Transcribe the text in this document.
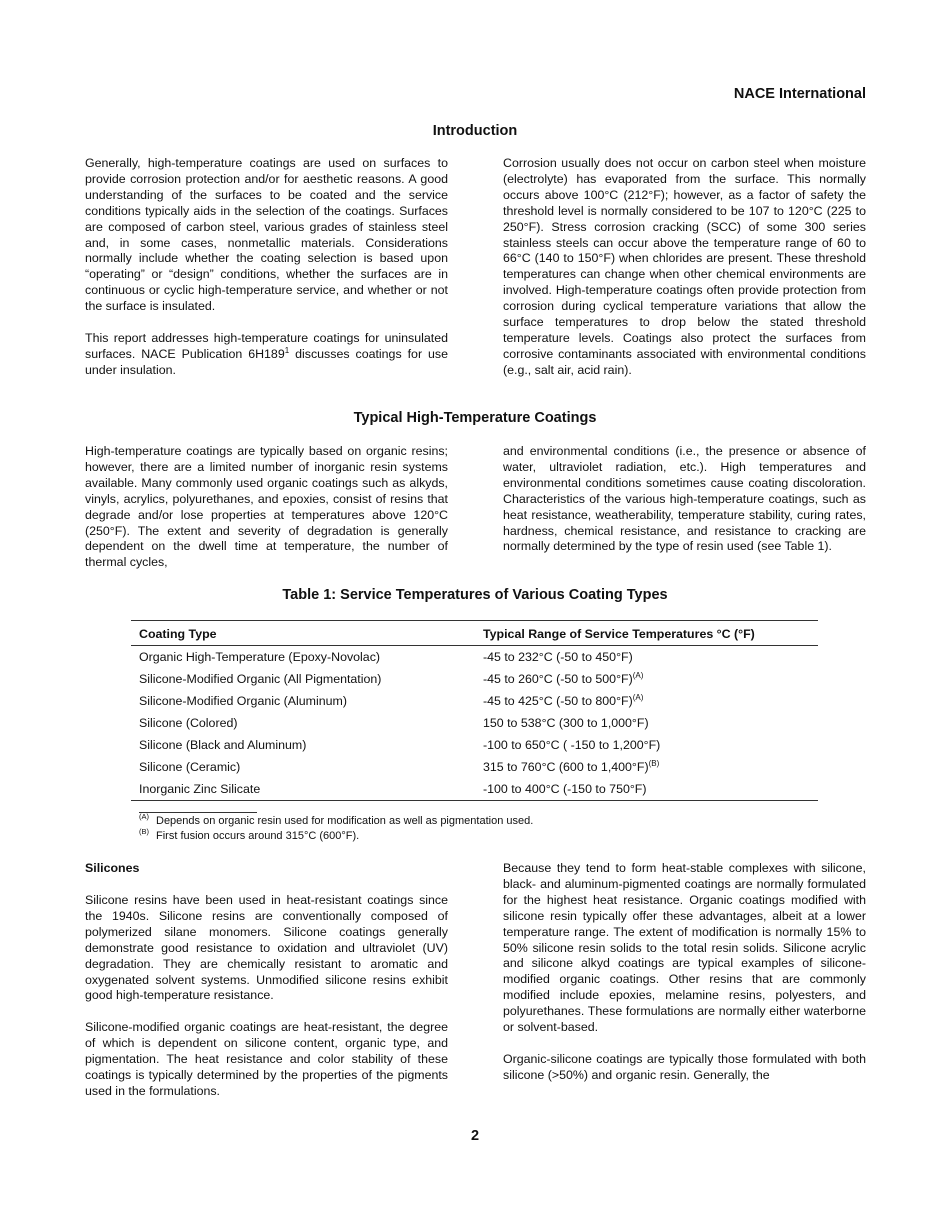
NACE International
Introduction

Generally, high-temperature coatings are used on surfaces to provide corrosion protection and/or for aesthetic reasons. A good understanding of the surfaces to be coated and the service conditions typically aids in the selection of the coatings. Surfaces are composed of carbon steel, various grades of stainless steel and, in some cases, nonmetallic materials. Considerations normally include whether the coating selection is based upon “operating” or “design” conditions, whether the surfaces are in continuous or cyclic high-temperature service, and whether or not the surface is insulated.

This report addresses high-temperature coatings for uninsulated surfaces. NACE Publication $6H189^1$ discusses coatings for use under insulation.

Corrosion usually does not occur on carbon steel when moisture (electrolyte) has evaporated from the surface. This normally occurs above 100°C (212°F); however, as a factor of safety the threshold level is normally considered to be 107 to 120°C (225 to 250°F). Stress corrosion cracking (SCC) of some 300 series stainless steels can occur above the temperature range of 60 to 66°C (140 to 150°F) when chlorides are present. These threshold temperatures can change when other chemical environments are involved. High-temperature coatings often provide protection from corrosion during cyclical temperature variations that allow the surface temperatures to drop below the stated threshold temperature levels. Coatings also protect the surfaces from corrosive contaminants associated with environmental conditions (e.g., salt air, acid rain).

Typical High-Temperature Coatings

High-temperature coatings are typically based on organic resins; however, there are a limited number of inorganic resin systems available. Many commonly used organic coatings such as alkyds, vinyls, acrylics, polyurethanes, and epoxies, consist of resins that degrade and/or lose properties at temperatures above 120°C (250°F). The extent and severity of degradation is generally dependent on the dwell time at temperature, the number of thermal cycles,

and environmental conditions (i.e., the presence or absence of water, ultraviolet radiation, etc.). High temperatures and environmental conditions sometimes cause coating discoloration. Characteristics of the various high-temperature coatings, such as heat resistance, weatherability, temperature stability, curing rates, hardness, chemical resistance, and resistance to cracking are normally determined by the type of resin used (see Table 1).

Table 1: Service Temperatures of Various Coating Types
Coating Type	Typical Range of Service Temperatures °C (°F)
Organic High-Temperature (Epoxy-Novolac)	-45 to 232°C (-50 to 450°F)
Silicone-Modified Organic (All Pigmentation)	-45 to 260°C (-50 to 500°F)$^{(A)}$
Silicone-Modified Organic (Aluminum)	-45 to 425°C (-50 to 800°F)$^{(A)}$
Silicone (Colored)	150 to 538°C (300 to 1,000°F)
Silicone (Black and Aluminum)	-100 to 650°C ( -150 to 1,200°F)
Silicone (Ceramic)	315 to 760°C (600 to 1,400°F)$^{(B)}$
Inorganic Zinc Silicate	-100 to 400°C (-150 to 750°F)
$^{(A)}$ Depends on organic resin used for modification as well as pigmentation used.
$^{(B)}$ First fusion occurs around 315°C (600°F).
Silicones

Silicone resins have been used in heat-resistant coatings since the 1940s. Silicone resins are conventionally composed of polymerized silane monomers. Silicone coatings generally demonstrate good resistance to oxidation and ultraviolet (UV) degradation. They are chemically resistant to aromatic and oxygenated solvent systems. Unmodified silicone resins exhibit good high-temperature resistance.

Silicone-modified organic coatings are heat-resistant, the degree of which is dependent on silicone content, organic type, and pigmentation. The heat resistance and color stability of these coatings is typically determined by the properties of the pigments used in the formulations.

Because they tend to form heat-stable complexes with silicone, black- and aluminum-pigmented coatings are normally formulated for the highest heat resistance. Organic coatings modified with silicone resin typically offer these advantages, albeit at a lower temperature range. The extent of modification is normally 15% to 50% silicone resin solids to the total resin solids. Silicone acrylic and silicone alkyd coatings are typical examples of silicone-modified organic coatings. Other resins that are commonly modified include epoxies, melamine resins, polyesters, and polyurethanes. These formulations are normally either waterborne or solvent-based.

Organic-silicone coatings are typically those formulated with both silicone (>50%) and organic resin. Generally, the

2
